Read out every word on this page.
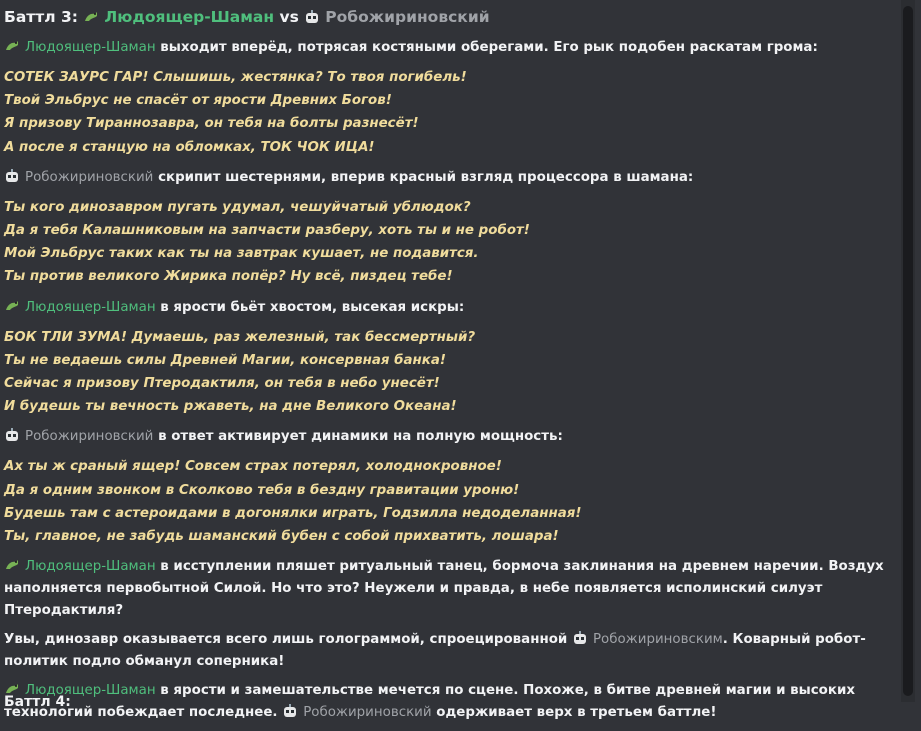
Баттл 3: Людоящер-Шаман vs Робожириновский
Людоящер-Шаман выходит вперёд, потрясая костяными оберегами. Его рык подобен раскатам грома:
СОТЕК ЗАУРС ГАР! Слышишь, жестянка? То твоя погибель!
Твой Эльбрус не спасёт от ярости Древних Богов!
Я призову Тираннозавра, он тебя на болты разнесёт!
А после я станцую на обломках, ТОК ЧОК ИЦА!
Робожириновский скрипит шестернями, вперив красный взгляд процессора в шамана:
Ты кого динозавром пугать удумал, чешуйчатый ублюдок?
Да я тебя Калашниковым на запчасти разберу, хоть ты и не робот!
Мой Эльбрус таких как ты на завтрак кушает, не подавится.
Ты против великого Жирика попёр? Ну всё, пиздец тебе!
Людоящер-Шаман в ярости бьёт хвостом, высекая искры:
БОК ТЛИ ЗУМА! Думаешь, раз железный, так бессмертный?
Ты не ведаешь силы Древней Магии, консервная банка!
Сейчас я призову Птеродактиля, он тебя в небо унесёт!
И будешь ты вечность ржаветь, на дне Великого Океана!
Робожириновский в ответ активирует динамики на полную мощность:
Ах ты ж сраный ящер! Совсем страх потерял, холоднокровное!
Да я одним звонком в Сколково тебя в бездну гравитации уроню!
Будешь там с астероидами в догонялки играть, Годзилла недоделанная!
Ты, главное, не забудь шаманский бубен с собой прихватить, лошара!
Людоящер-Шаман в исступлении пляшет ритуальный танец, бормоча заклинания на древнем наречии. Воздух наполняется первобытной Силой. Но что это? Неужели и правда, в небе появляется исполинский силуэт Птеродактиля?
Увы, динозавр оказывается всего лишь голограммой, спроецированной Робожириновским. Коварный робот-политик подло обманул соперника!
Людоящер-Шаман в ярости и замешательстве мечется по сцене. Похоже, в битве древней магии и высоких технологий побеждает последнее. Робожириновский одерживает верх в третьем баттле!
Баттл 4:
